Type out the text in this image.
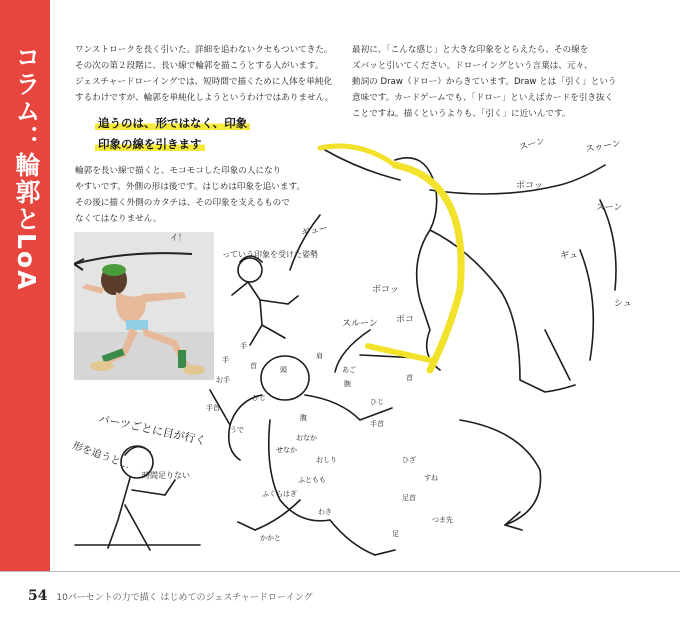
コラム：輪郭とLoA	ワンストロークを長く引いた。詳細を追わないクセもついてきた。
その次の第２段階に、長い線で輪郭を描こうとする人がいます。
ジェスチャードローイングでは、短時間で描くために人体を単純化
するわけですが、輪郭を単純化しようというわけではありません。
追うのは、形ではなく、印象
印象の線を引きます
輪郭を長い線で描くと、モコモコした印象の人になり
やすいです。外側の形は後です。はじめは印象を追います。
その後に描く外側のカタチは、その印象を支えるもので
なくてはなりません。
最初に、「こんな感じ」と大きな印象をとらえたら、その線を
ズバッと引いてください。ドローイングという言葉は、元々、
動詞の Draw（ドロー）からきています。Draw とは「引く」という
意味です。カードゲームでも、「ドロー」といえばカードを引き抜く
ことですね。描くというよりも、「引く」に近いんです。
イ！
っていう印象を受けた姿勢
パーツごとに目が行く
形を追うと…
時間足りない
スーン	スゥーン
ポコッ
スーン
ギュー
ギュ
ボコッ
スルーン ポコ
シュ
手
手
首
肩
お手
頭
手首
ひじ
うで
腕
ひじ
腹
おなか
せなか
おしり
ふともも
ひざ
すね
足首
足
つま先
ふくらはぎ
かかと
わき
手首
首
あご
54 10パーセントの力で描く はじめてのジェスチャードローイング
